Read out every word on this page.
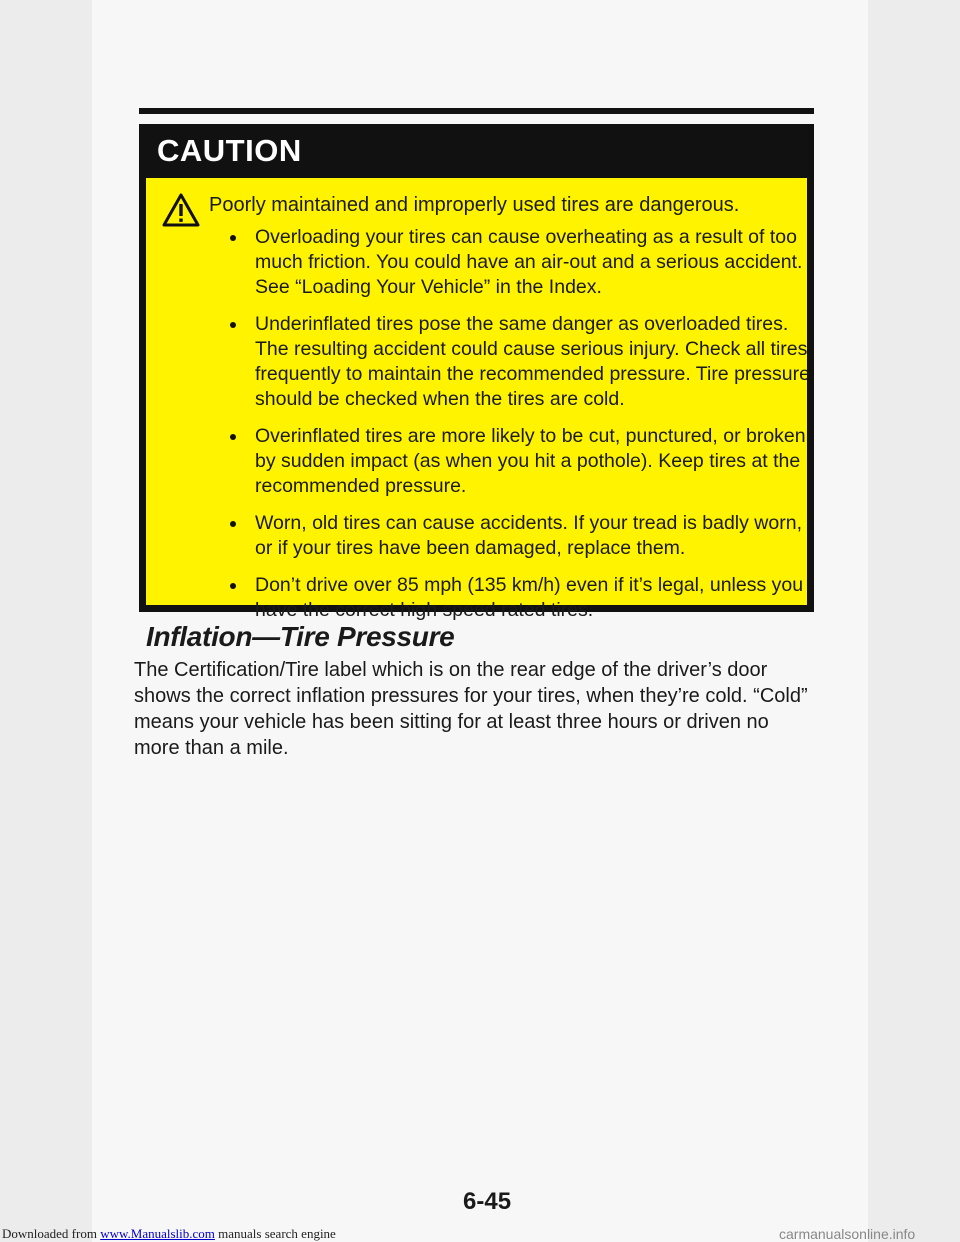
CAUTION
Poorly maintained and improperly used tires are dangerous.
Overloading your tires can cause overheating as a result of too much friction. You could have an air-out and a serious accident. See “Loading Your Vehicle” in the Index.
Underinflated tires pose the same danger as overloaded tires. The resulting accident could cause serious injury. Check all tires frequently to maintain the recommended pressure. Tire pressure should be checked when the tires are cold.
Overinflated tires are more likely to be cut, punctured, or broken by sudden impact (as when you hit a pothole). Keep tires at the recommended pressure.
Worn, old tires can cause accidents. If your tread is badly worn, or if your tires have been damaged, replace them.
Don’t drive over 85 mph (135 km/h) even if it’s legal, unless you have the correct high speed rated tires.
Inflation—Tire Pressure

The Certification/Tire label which is on the rear edge of the driver’s door shows the correct inflation pressures for your tires, when they’re cold. “Cold” means your vehicle has been sitting for at least three hours or driven no more than a mile.

6-45
Downloaded from www.Manualslib.com manuals search engine	carmanualsonline.info
